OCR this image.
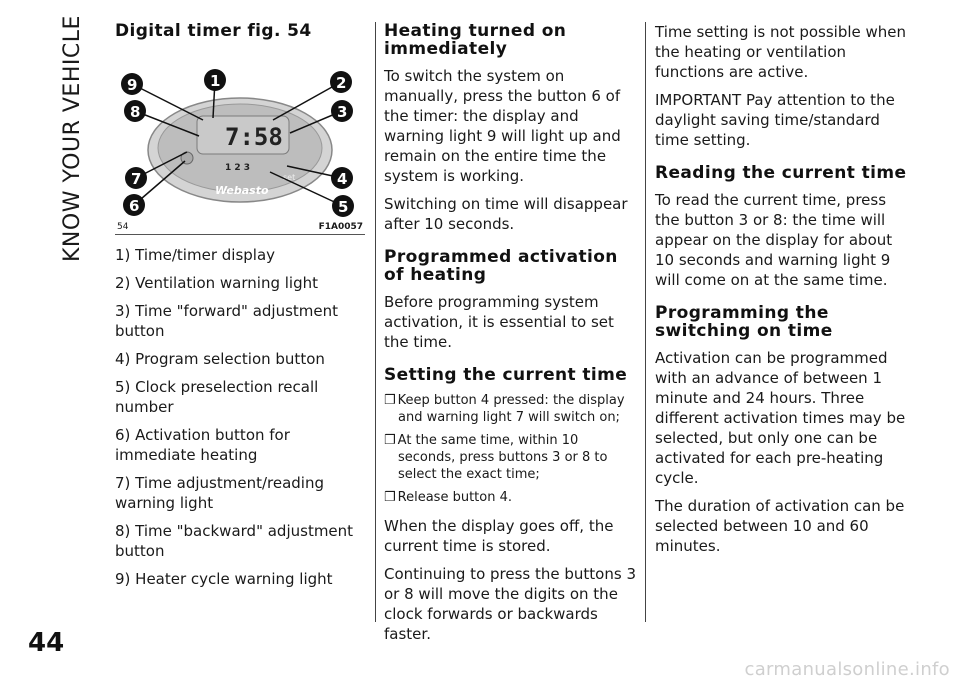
KNOW YOUR VEHICLE
44
Digital timer fig. 54
7:58
1 2 3
Webasto
set
1	2
3
4
5
6
7
8
9
54	F1A0057
1) Time/timer display
2) Ventilation warning light
3) Time "forward" adjustment button
4) Program selection button
5) Clock preselection recall number
6) Activation button for immediate heating
7) Time adjustment/reading warning light
8) Time "backward" adjustment button
9) Heater cycle warning light
Heating turned on immediately
To switch the system on manually, press the button 6 of the timer: the display and warning light 9 will light up and remain on the entire time the system is working.
Switching on time will disappear after 10 seconds.
Programmed activation of heating
Before programming system activation, it is essential to set the time.
Setting the current time
❒ Keep button 4 pressed: the display and warning light 7 will switch on;
❒ At the same time, within 10 seconds, press buttons 3 or 8 to select the exact time;
❒ Release button 4.
When the display goes off, the current time is stored.
Continuing to press the buttons 3 or 8 will move the digits on the clock forwards or backwards faster.
Time setting is not possible when the heating or ventilation functions are active.
IMPORTANT Pay attention to the daylight saving time/standard time setting.
Reading the current time
To read the current time, press the button 3 or 8: the time will appear on the display for about 10 seconds and warning light 9 will come on at the same time.
Programming the switching on time
Activation can be programmed with an advance of between 1 minute and 24 hours. Three different activation times may be selected, but only one can be activated for each pre-heating cycle.
The duration of activation can be selected between 10 and 60 minutes.
carmanualsonline.info
